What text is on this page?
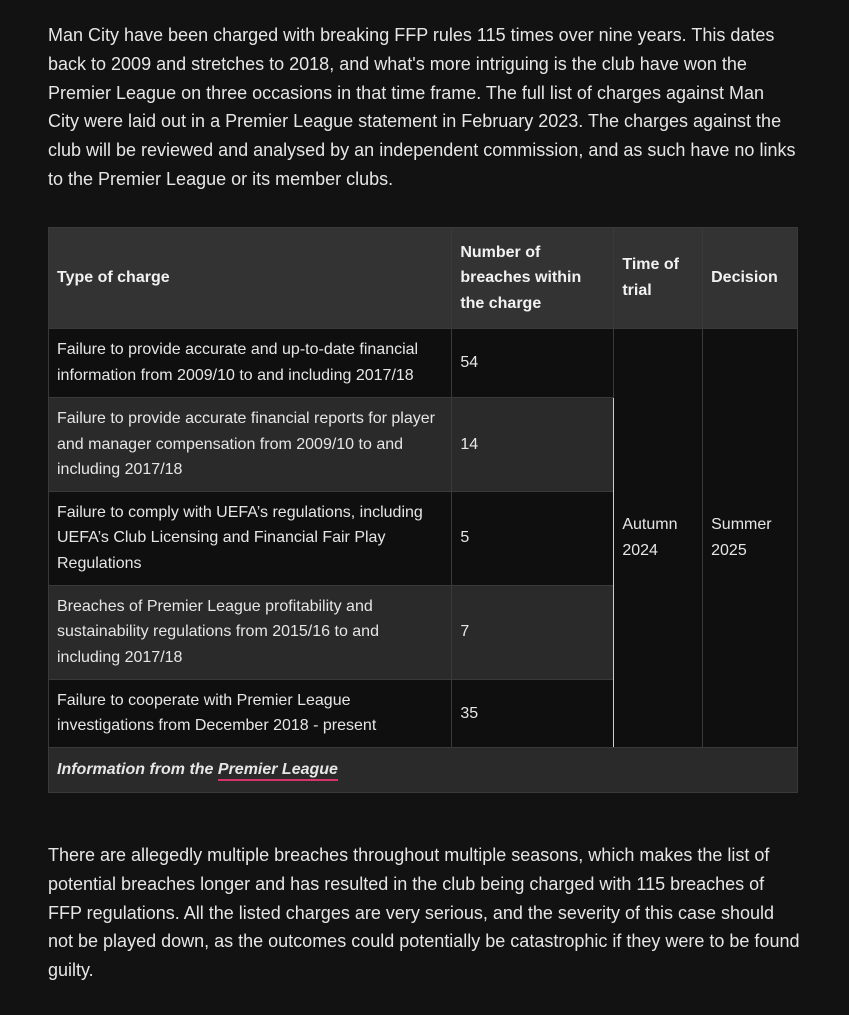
Man City have been charged with breaking FFP rules 115 times over nine years. This dates back to 2009 and stretches to 2018, and what's more intriguing is the club have won the Premier League on three occasions in that time frame. The full list of charges against Man City were laid out in a Premier League statement in February 2023. The charges against the club will be reviewed and analysed by an independent commission, and as such have no links to the Premier League or its member clubs.

Type of charge	Number of breaches within the charge	Time of trial	Decision
Failure to provide accurate and up-to-date financial information from 2009/10 to and including 2017/18	54	Autumn 2024	Summer 2025
Failure to provide accurate financial reports for player and manager compensation from 2009/10 to and including 2017/18	14		
Failure to comply with UEFA’s regulations, including UEFA’s Club Licensing and Financial Fair Play Regulations	5		
Breaches of Premier League profitability and sustainability regulations from 2015/16 to and including 2017/18	7		
Failure to cooperate with Premier League investigations from December 2018 - present	35		
Information from the Premier League			

There are allegedly multiple breaches throughout multiple seasons, which makes the list of potential breaches longer and has resulted in the club being charged with 115 breaches of FFP regulations. All the listed charges are very serious, and the severity of this case should not be played down, as the outcomes could potentially be catastrophic if they were to be found guilty.
